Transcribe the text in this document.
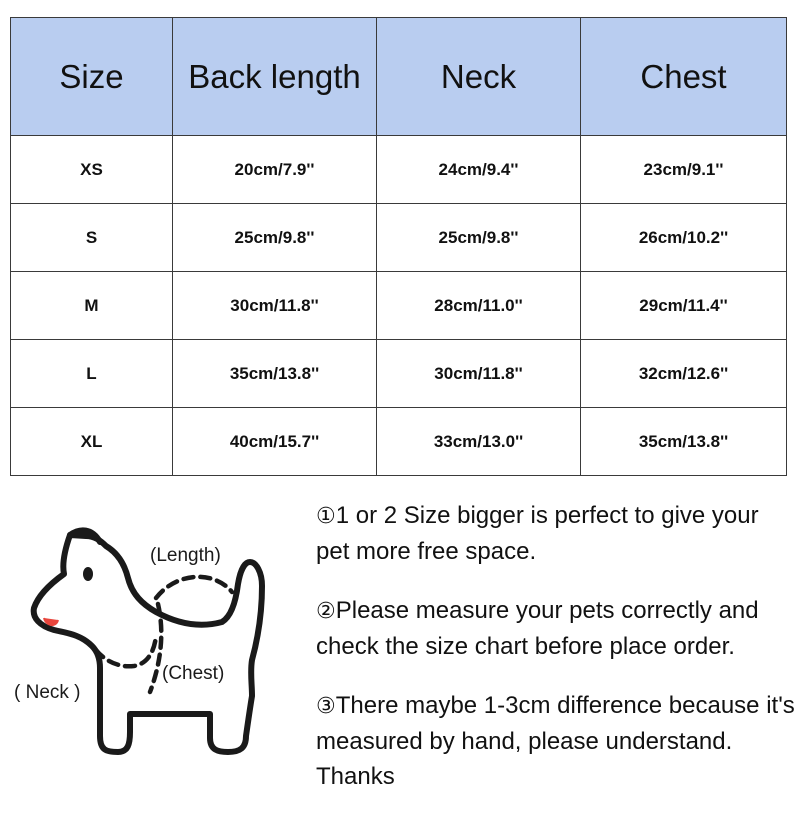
Size	Back length	Neck	Chest
XS	20cm/7.9''	24cm/9.4''	23cm/9.1''
S	25cm/9.8''	25cm/9.8''	26cm/10.2''
M	30cm/11.8''	28cm/11.0''	29cm/11.4''
L	35cm/13.8''	30cm/11.8''	32cm/12.6''
XL	40cm/15.7''	33cm/13.0''	35cm/13.8''
(Length)
(Chest)
( Neck )

①1 or 2 Size bigger is perfect to give your pet more free space.

②Please measure your pets correctly and check the size chart before place order.

③There maybe 1-3cm difference because it's measured by hand, please understand. Thanks
